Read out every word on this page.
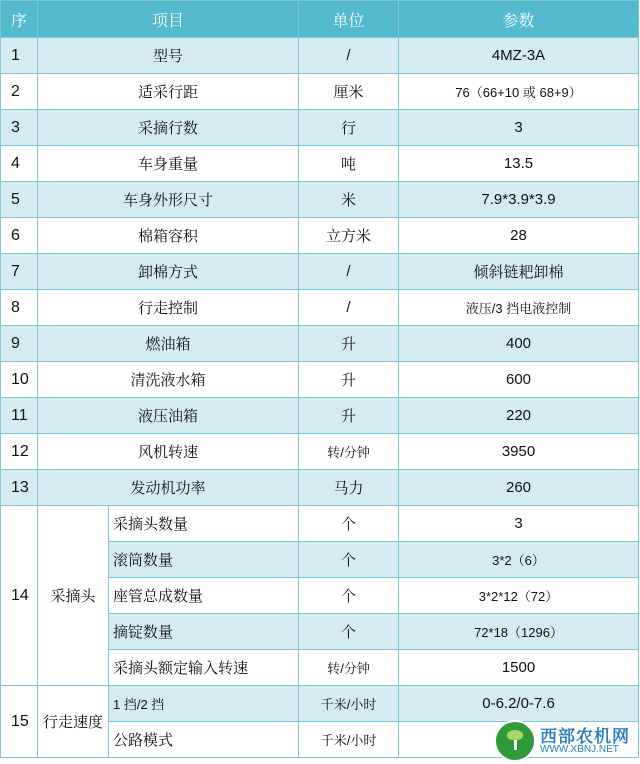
序	项目		单位	参数
1	型号		/	4MZ-3A
2	适采行距		厘米	76（66+10 或 68+9）
3	采摘行数		行	3
4	车身重量		吨	13.5
5	车身外形尺寸		米	7.9*3.9*3.9
6	棉箱容积		立方米	28
7	卸棉方式		/	倾斜链耙卸棉
8	行走控制		/	液压/3 挡电液控制
9	燃油箱		升	400
10	清洗液水箱		升	600
11	液压油箱		升	220
12	风机转速		转/分钟	3950
13	发动机功率		马力	260
14	采摘头	采摘头数量	个	3
		滚筒数量	个	3*2（6）
		座管总成数量	个	3*2*12（72）
		摘锭数量	个	72*18（1296）
		采摘头额定输入转速	转/分钟	1500
15	行走速度	1 挡/2 挡	千米/小时	0-6.2/0-7.6
		公路模式	千米/小时		西部农机网
WWW.XBNJ.NET
